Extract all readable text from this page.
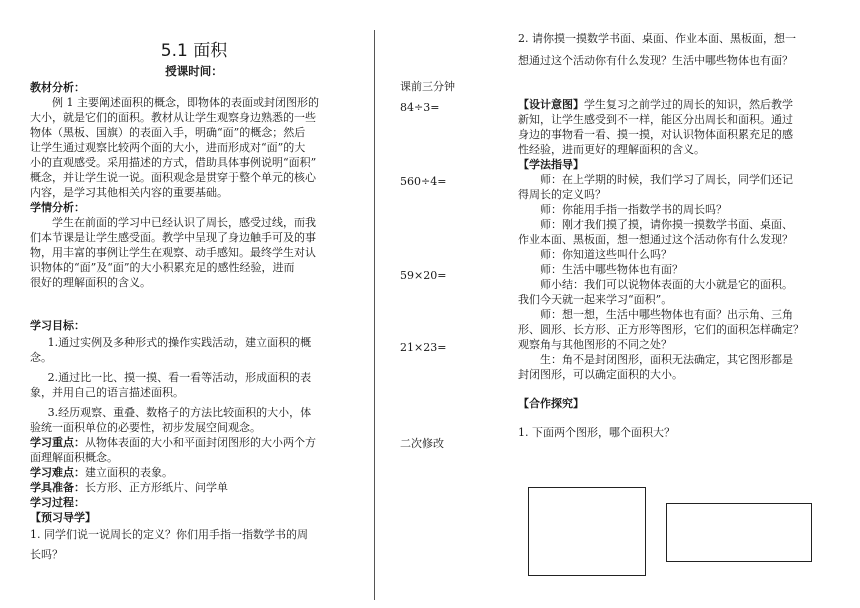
5.1 面积
授课时间：

教材分析：

例 1 主要阐述面积的概念，即物体的表面或封闭图形的

大小，就是它们的面积。教材从让学生观察身边熟悉的一些

物体（黑板、国旗）的表面入手，明确“面”的概念；然后

让学生通过观察比较两个面的大小，进而形成对“面”的大

小的直观感受。采用描述的方式，借助具体事例说明“面积”

概念，并让学生说一说。面积观念是贯穿于整个单元的核心

内容，是学习其他相关内容的重要基础。

学情分析：

学生在前面的学习中已经认识了周长，感受过线，而我

们本节课是让学生感受面。教学中呈现了身边触手可及的事

物，用丰富的事例让学生在观察、动手感知。最终学生对认

识物体的“面”及“面”的大小积累充足的感性经验，进而

很好的理解面积的含义。

学习目标：

1.通过实例及多种形式的操作实践活动，建立面积的概

念。

2.通过比一比、摸一摸、看一看等活动，形成面积的表

象，并用自己的语言描述面积。

3.经历观察、重叠、数格子的方法比较面积的大小，体

验统一面积单位的必要性，初步发展空间观念。

学习重点：从物体表面的大小和平面封闭图形的大小两个方

面理解面积概念。

学习难点：建立面积的表象。

学具准备：长方形、正方形纸片、问学单

学习过程：

【预习导学】

1. 同学们说一说周长的定义？你们用手指一指数学书的周

长吗？

课前三分钟
84÷3=
560÷4=
59×20=
21×23=
二次修改

2. 请你摸一摸数学书面、桌面、作业本面、黑板面，想一

想通过这个活动你有什么发现？生活中哪些物体也有面？

【设计意图】学生复习之前学过的周长的知识，然后教学

新知，让学生感受到不一样，能区分出周长和面积。通过

身边的事物看一看、摸一摸，对认识物体面积累充足的感

性经验，进而更好的理解面积的含义。

【学法指导】

师：在上学期的时候，我们学习了周长，同学们还记

得周长的定义吗？

师：你能用手指一指数学书的周长吗？

师：刚才我们摸了摸，请你摸一摸数学书面、桌面、

作业本面、黑板面，想一想通过这个活动你有什么发现？

师：你知道这些叫什么吗？

师：生活中哪些物体也有面？

师小结：我们可以说物体表面的大小就是它的面积。

我们今天就一起来学习“面积”。

师：想一想，生活中哪些物体也有面？出示角、三角

形、圆形、长方形、正方形等图形，它们的面积怎样确定？

观察角与其他图形的不同之处？

生：角不是封闭图形，面积无法确定，其它图形都是

封闭图形，可以确定面积的大小。

【合作探究】

1. 下面两个图形，哪个面积大？
